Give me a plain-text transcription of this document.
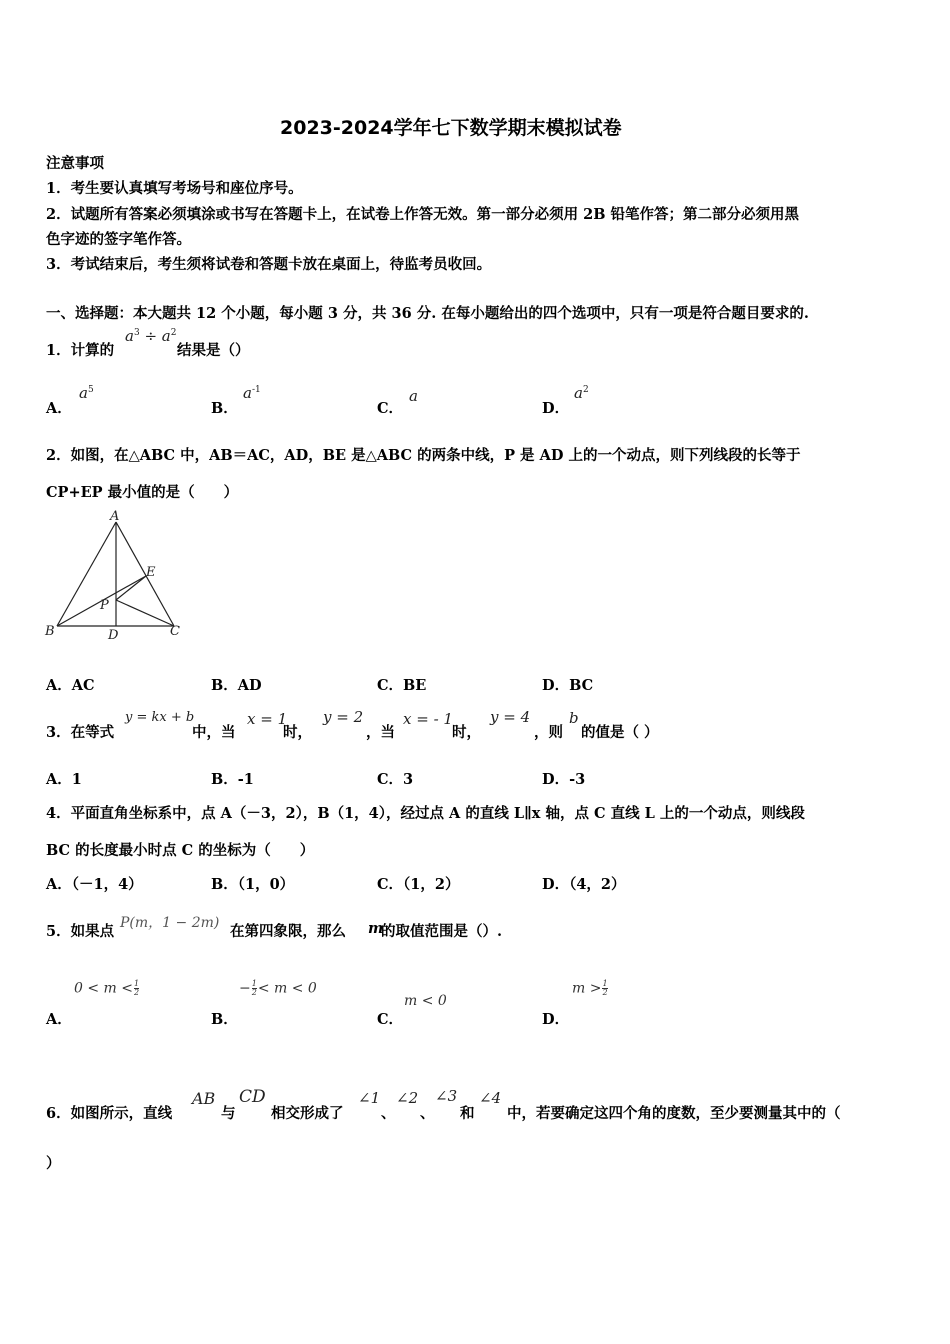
2023-2024学年七下数学期末模拟试卷
注意事项
1．考生要认真填写考场号和座位序号。
2．试题所有答案必须填涂或书写在答题卡上，在试卷上作答无效。第一部分必须用 2B 铅笔作答；第二部分必须用黑
色字迹的签字笔作答。
3．考试结束后，考生须将试卷和答题卡放在桌面上，待监考员收回。
一、选择题：本大题共 12 个小题，每小题 3 分，共 36 分. 在每小题给出的四个选项中，只有一项是符合题目要求的.
1．计算的
$a^3 \div a^2$
结果是（）
A．
$a^5$
B．
$a^{-1}$
C．
a
D．
$a^2$
2．如图，在△ABC 中，AB＝AC，AD，BE 是△ABC 的两条中线，P 是 AD 上的一个动点，则下列线段的长等于
CP+EP 最小值的是（　　）
A
B	C
D
E
P
A．AC	B．AD	C．BE	D．BC
3．在等式
y = kx + b
中，当
x = 1
时，
y = 2
，当
x = - 1
时，
y = 4
，则
b
的值是（ ）
A．1	B．-1	C．3	D．-3
4．平面直角坐标系中，点 A（－3，2），B（1，4），经过点 A 的直线 L∥x 轴，点 C 直线 L 上的一个动点，则线段
BC 的长度最小时点 C 的坐标为（　　）
A．（－1，4）	B．（1，0）	C．（1，2）	D．（4，2）
5．如果点 P(m，1 − 2m) 在第四象限，那么 m
的取值范围是（）.
A．
$0 < m < \frac{1}{2}$
B．
− $\frac{1}{2} < m < 0$
C．
m < 0
D．
$m > \frac{1}{2}$
6．如图所示，直线
AB
与
CD
相交形成了
∠1
、
∠2
、
∠3
和
∠4
中，若要确定这四个角的度数，至少要测量其中的（
）
